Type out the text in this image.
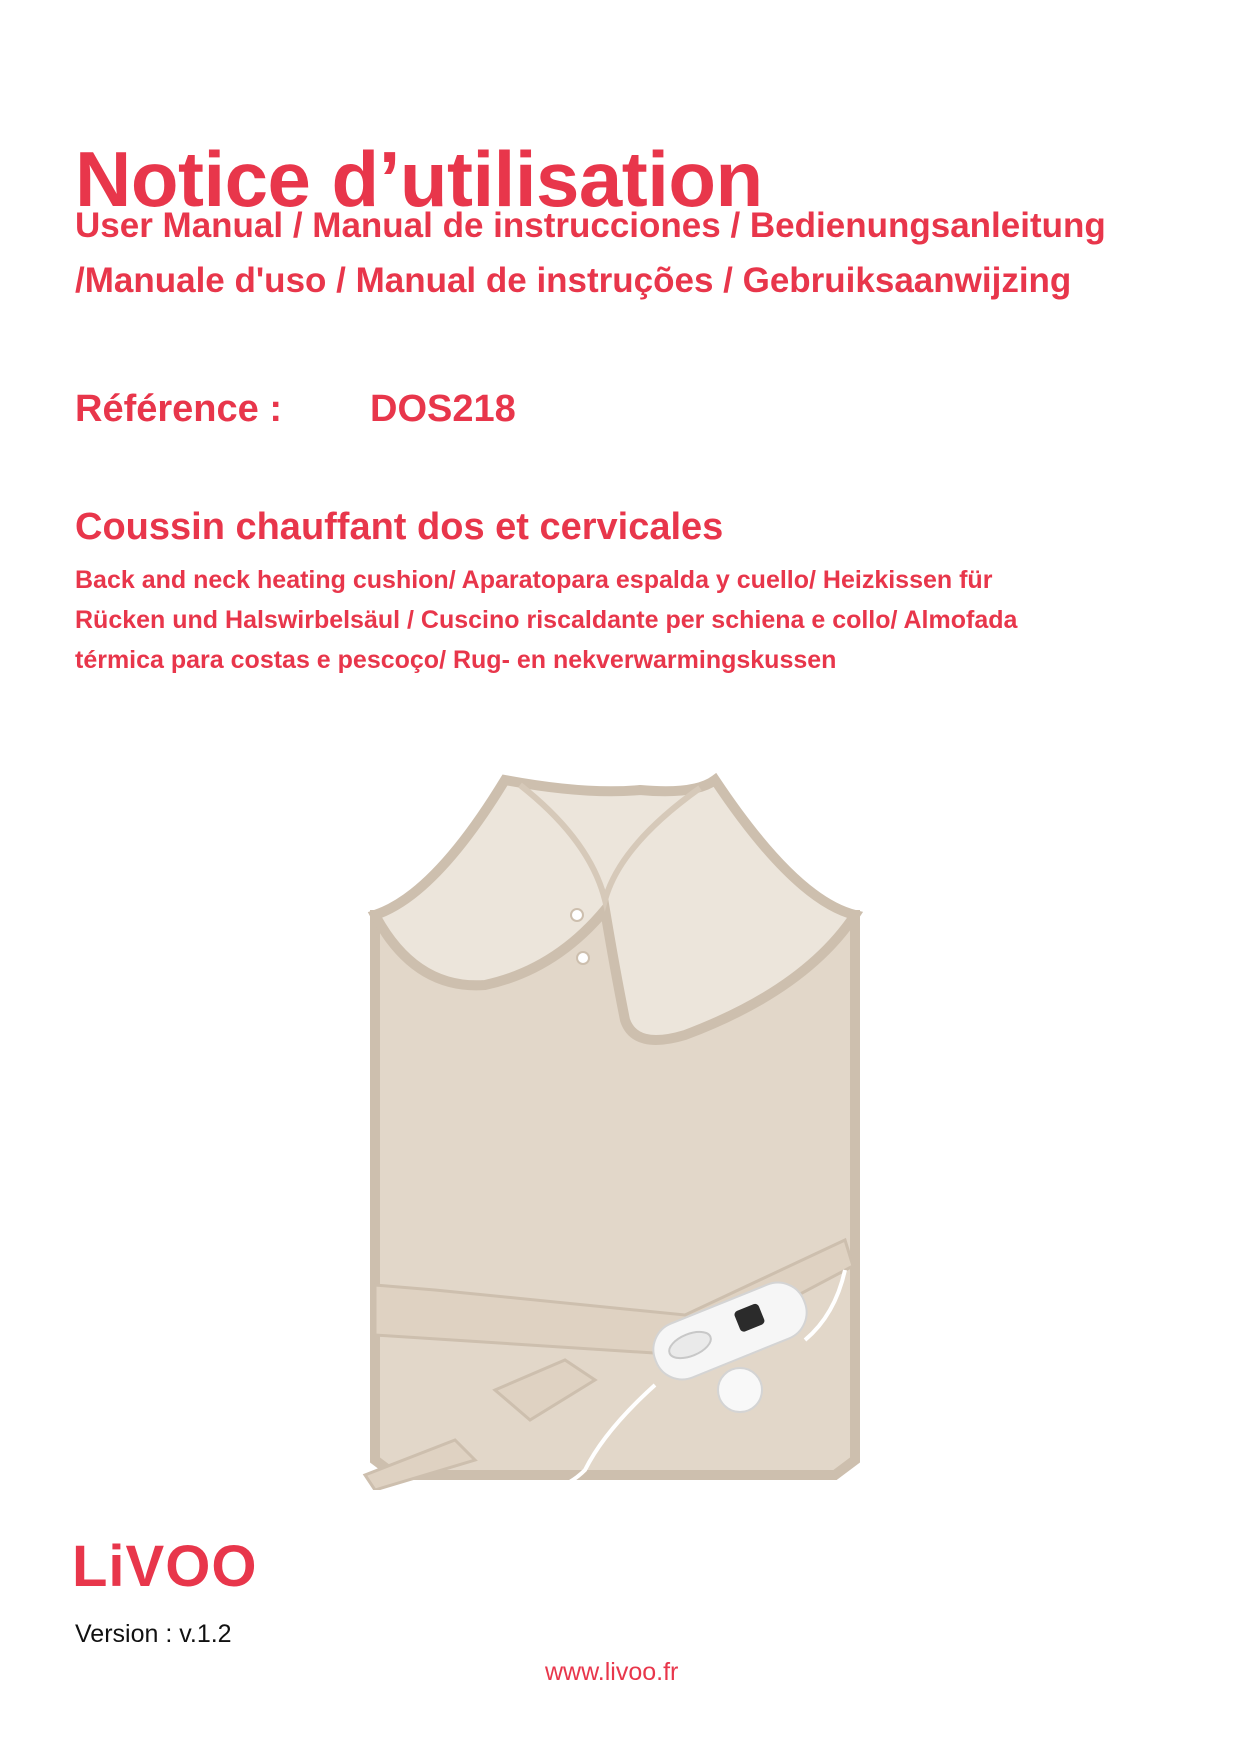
Notice d’utilisation
User Manual / Manual de instrucciones / Bedienungsanleitung
/Manuale d'uso / Manual de instruções / Gebruiksaanwijzing
Référence : DOS218
Coussin chauffant dos et cervicales
Back and neck heating cushion/ Aparatopara espalda y cuello/ Heizkissen für
Rücken und Halswirbelsäul / Cuscino riscaldante per schiena e collo/ Almofada
térmica para costas e pescoço/ Rug- en nekverwarmingskussen
LiVOO
Version : v.1.2
www.livoo.fr
